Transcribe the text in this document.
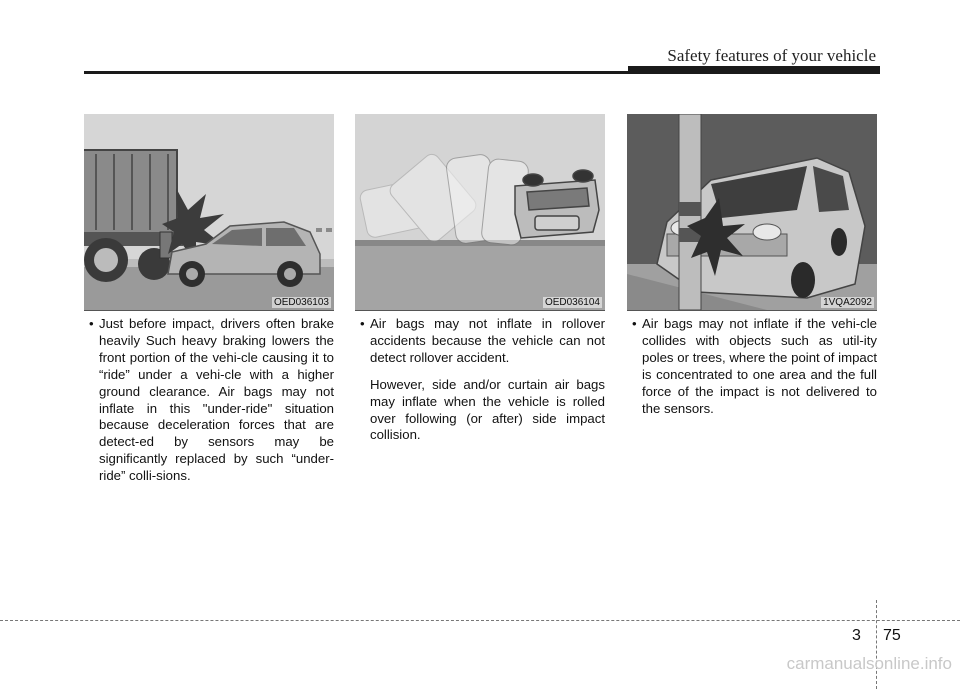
Safety features of your vehicle
OED036103	OED036104	1VQA2092

• Just before impact, drivers often brake heavily Such heavy braking lowers the front portion of the vehi-cle causing it to “ride” under a vehi-cle with a higher ground clearance. Air bags may not inflate in this "under-ride" situation because deceleration forces that are detect-ed by sensors may be significantly replaced by such “under-ride” colli-sions.

• Air bags may not inflate in rollover accidents because the vehicle can not detect rollover accident.

However, side and/or curtain air bags may inflate when the vehicle is rolled over following (or after) side impact collision.

• Air bags may not inflate if the vehi-cle collides with objects such as util-ity poles or trees, where the point of impact is concentrated to one area and the full force of the impact is not delivered to the sensors.

3 75
carmanualsonline.info
